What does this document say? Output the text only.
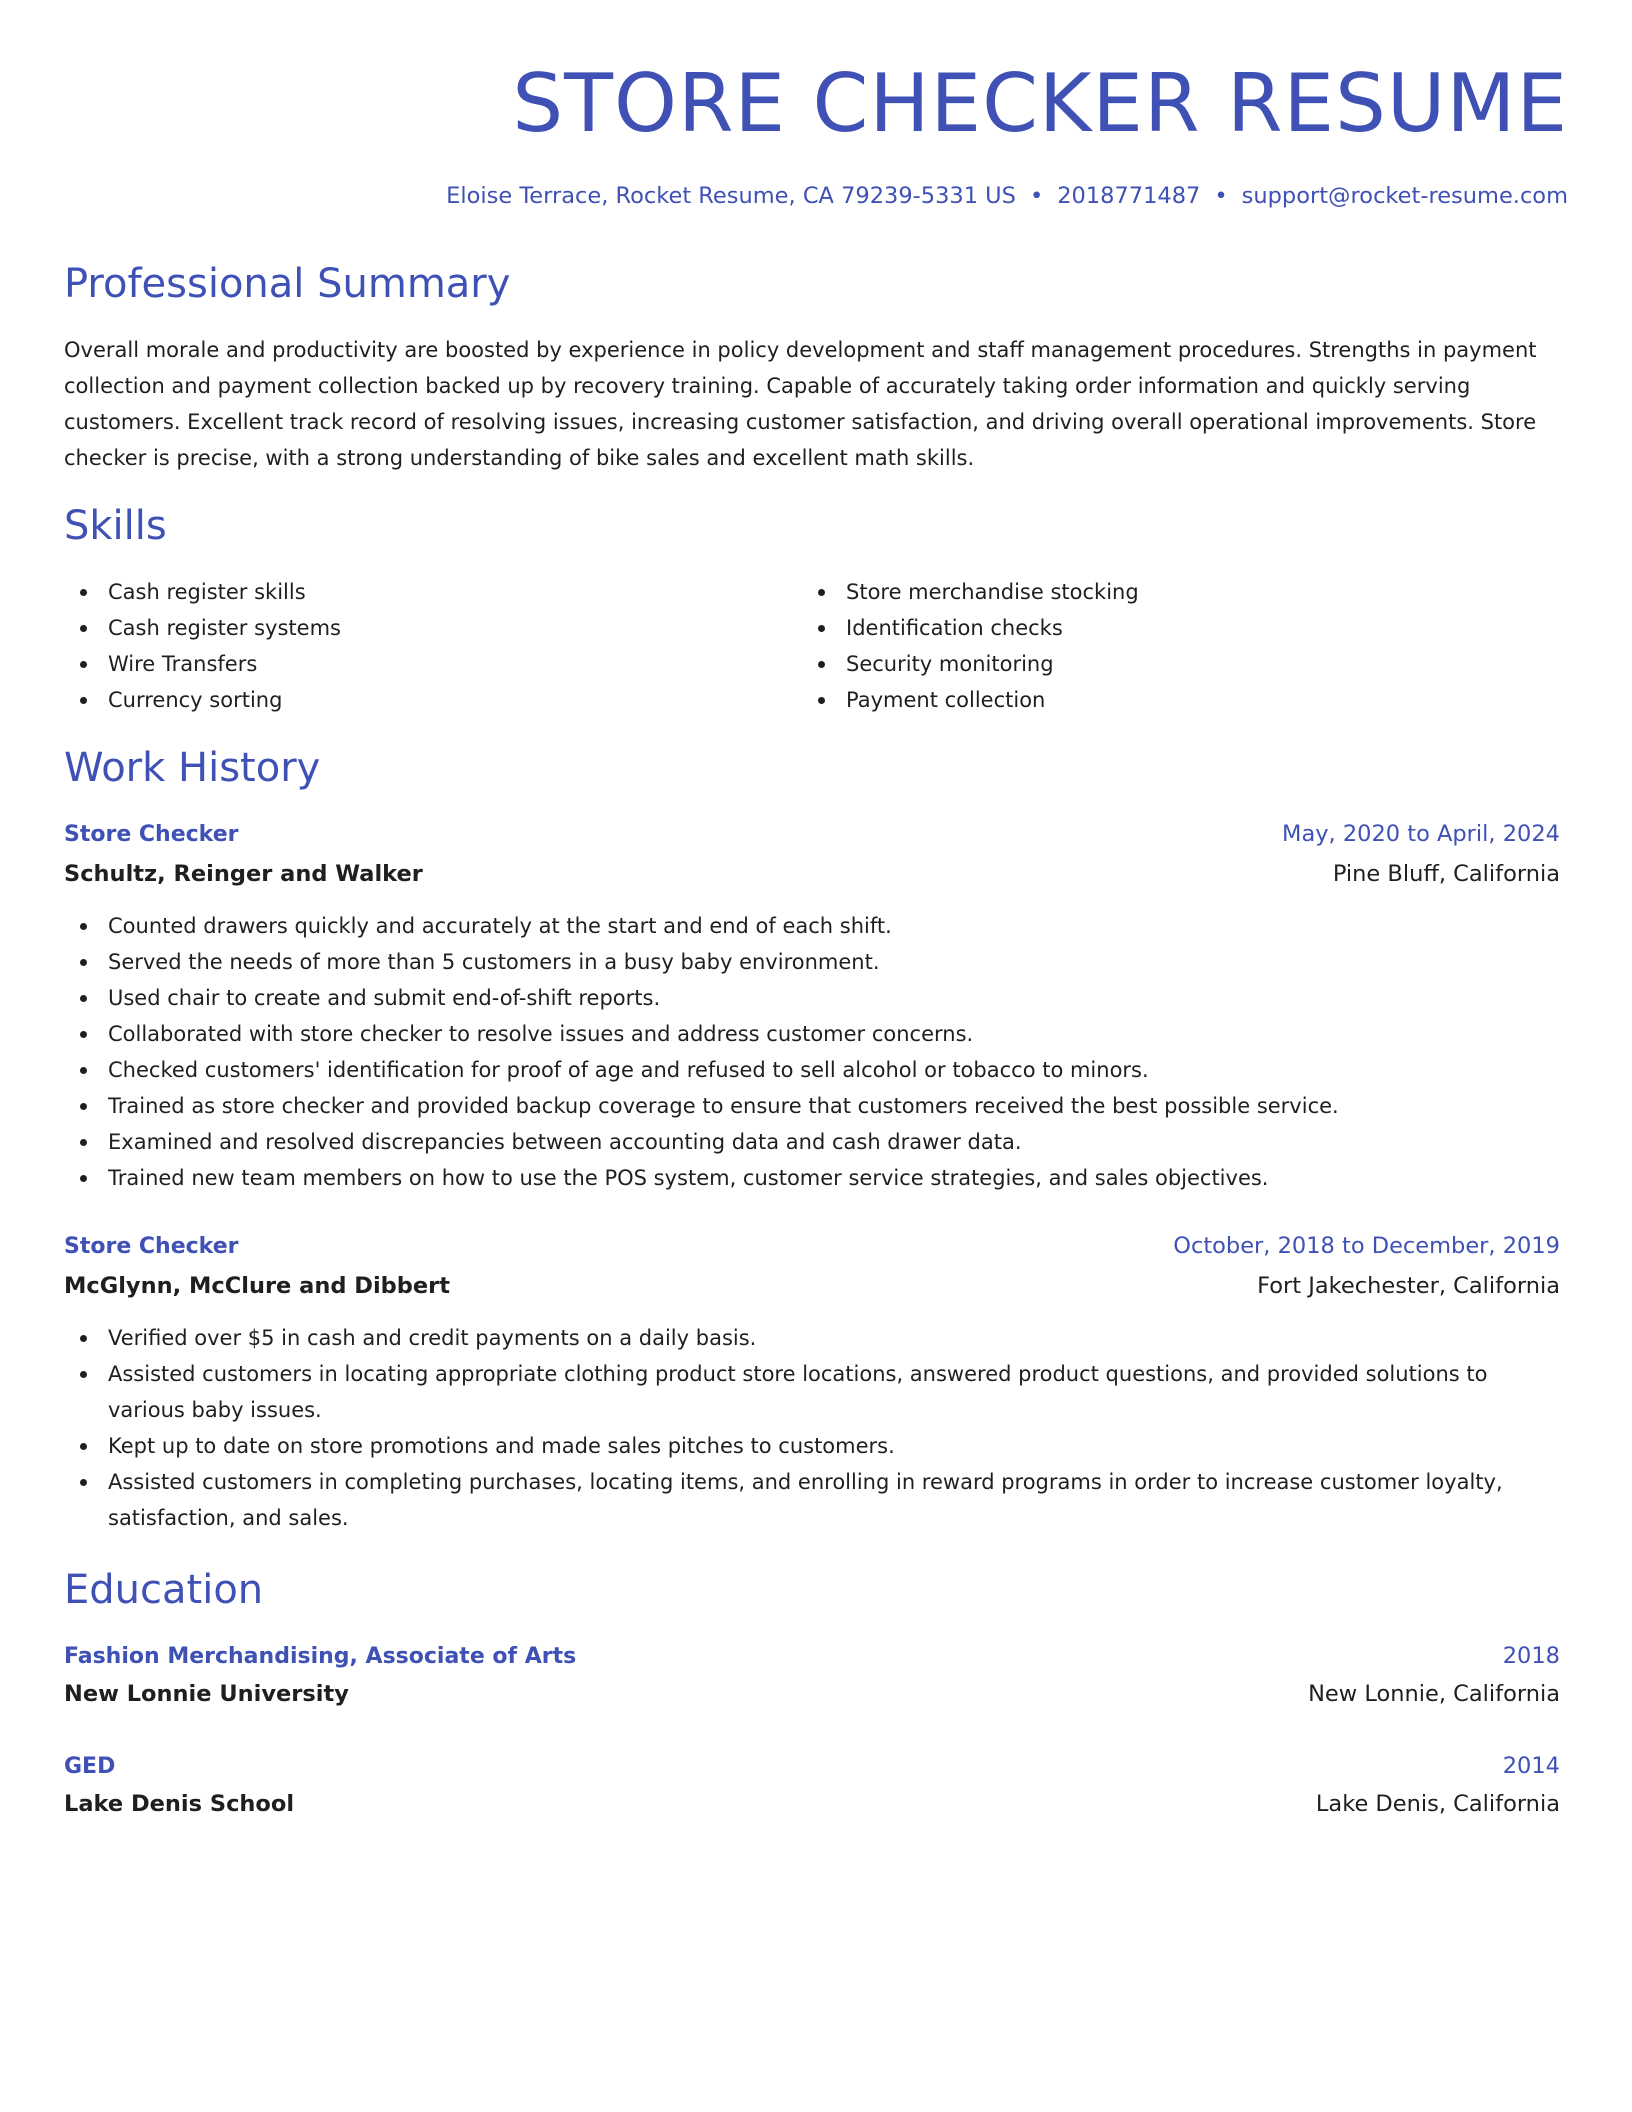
STORE CHECKER RESUME
Eloise Terrace, Rocket Resume, CA 79239-5331 US • 2018771487 • support@rocket-resume.com
Professional Summary

Overall morale and productivity are boosted by experience in policy development and staff management procedures. Strengths in payment collection and payment collection backed up by recovery training. Capable of accurately taking order information and quickly serving customers. Excellent track record of resolving issues, increasing customer satisfaction, and driving overall operational improvements. Store checker is precise, with a strong understanding of bike sales and excellent math skills.

Skills
Cash register skills
Cash register systems
Wire Transfers
Currency sorting
Store merchandise stocking
Identification checks
Security monitoring
Payment collection
Work History
Store Checker	May, 2020 to April, 2024
Schultz, Reinger and Walker	Pine Bluff, California
Counted drawers quickly and accurately at the start and end of each shift.
Served the needs of more than 5 customers in a busy baby environment.
Used chair to create and submit end-of-shift reports.
Collaborated with store checker to resolve issues and address customer concerns.
Checked customers' identification for proof of age and refused to sell alcohol or tobacco to minors.
Trained as store checker and provided backup coverage to ensure that customers received the best possible service.
Examined and resolved discrepancies between accounting data and cash drawer data.
Trained new team members on how to use the POS system, customer service strategies, and sales objectives.
Store Checker	October, 2018 to December, 2019
McGlynn, McClure and Dibbert	Fort Jakechester, California
Verified over $5 in cash and credit payments on a daily basis.
Assisted customers in locating appropriate clothing product store locations, answered product questions, and provided solutions to various baby issues.
Kept up to date on store promotions and made sales pitches to customers.
Assisted customers in completing purchases, locating items, and enrolling in reward programs in order to increase customer loyalty, satisfaction, and sales.
Education
Fashion Merchandising, Associate of Arts	2018
New Lonnie University	New Lonnie, California
GED	2014
Lake Denis School	Lake Denis, California
